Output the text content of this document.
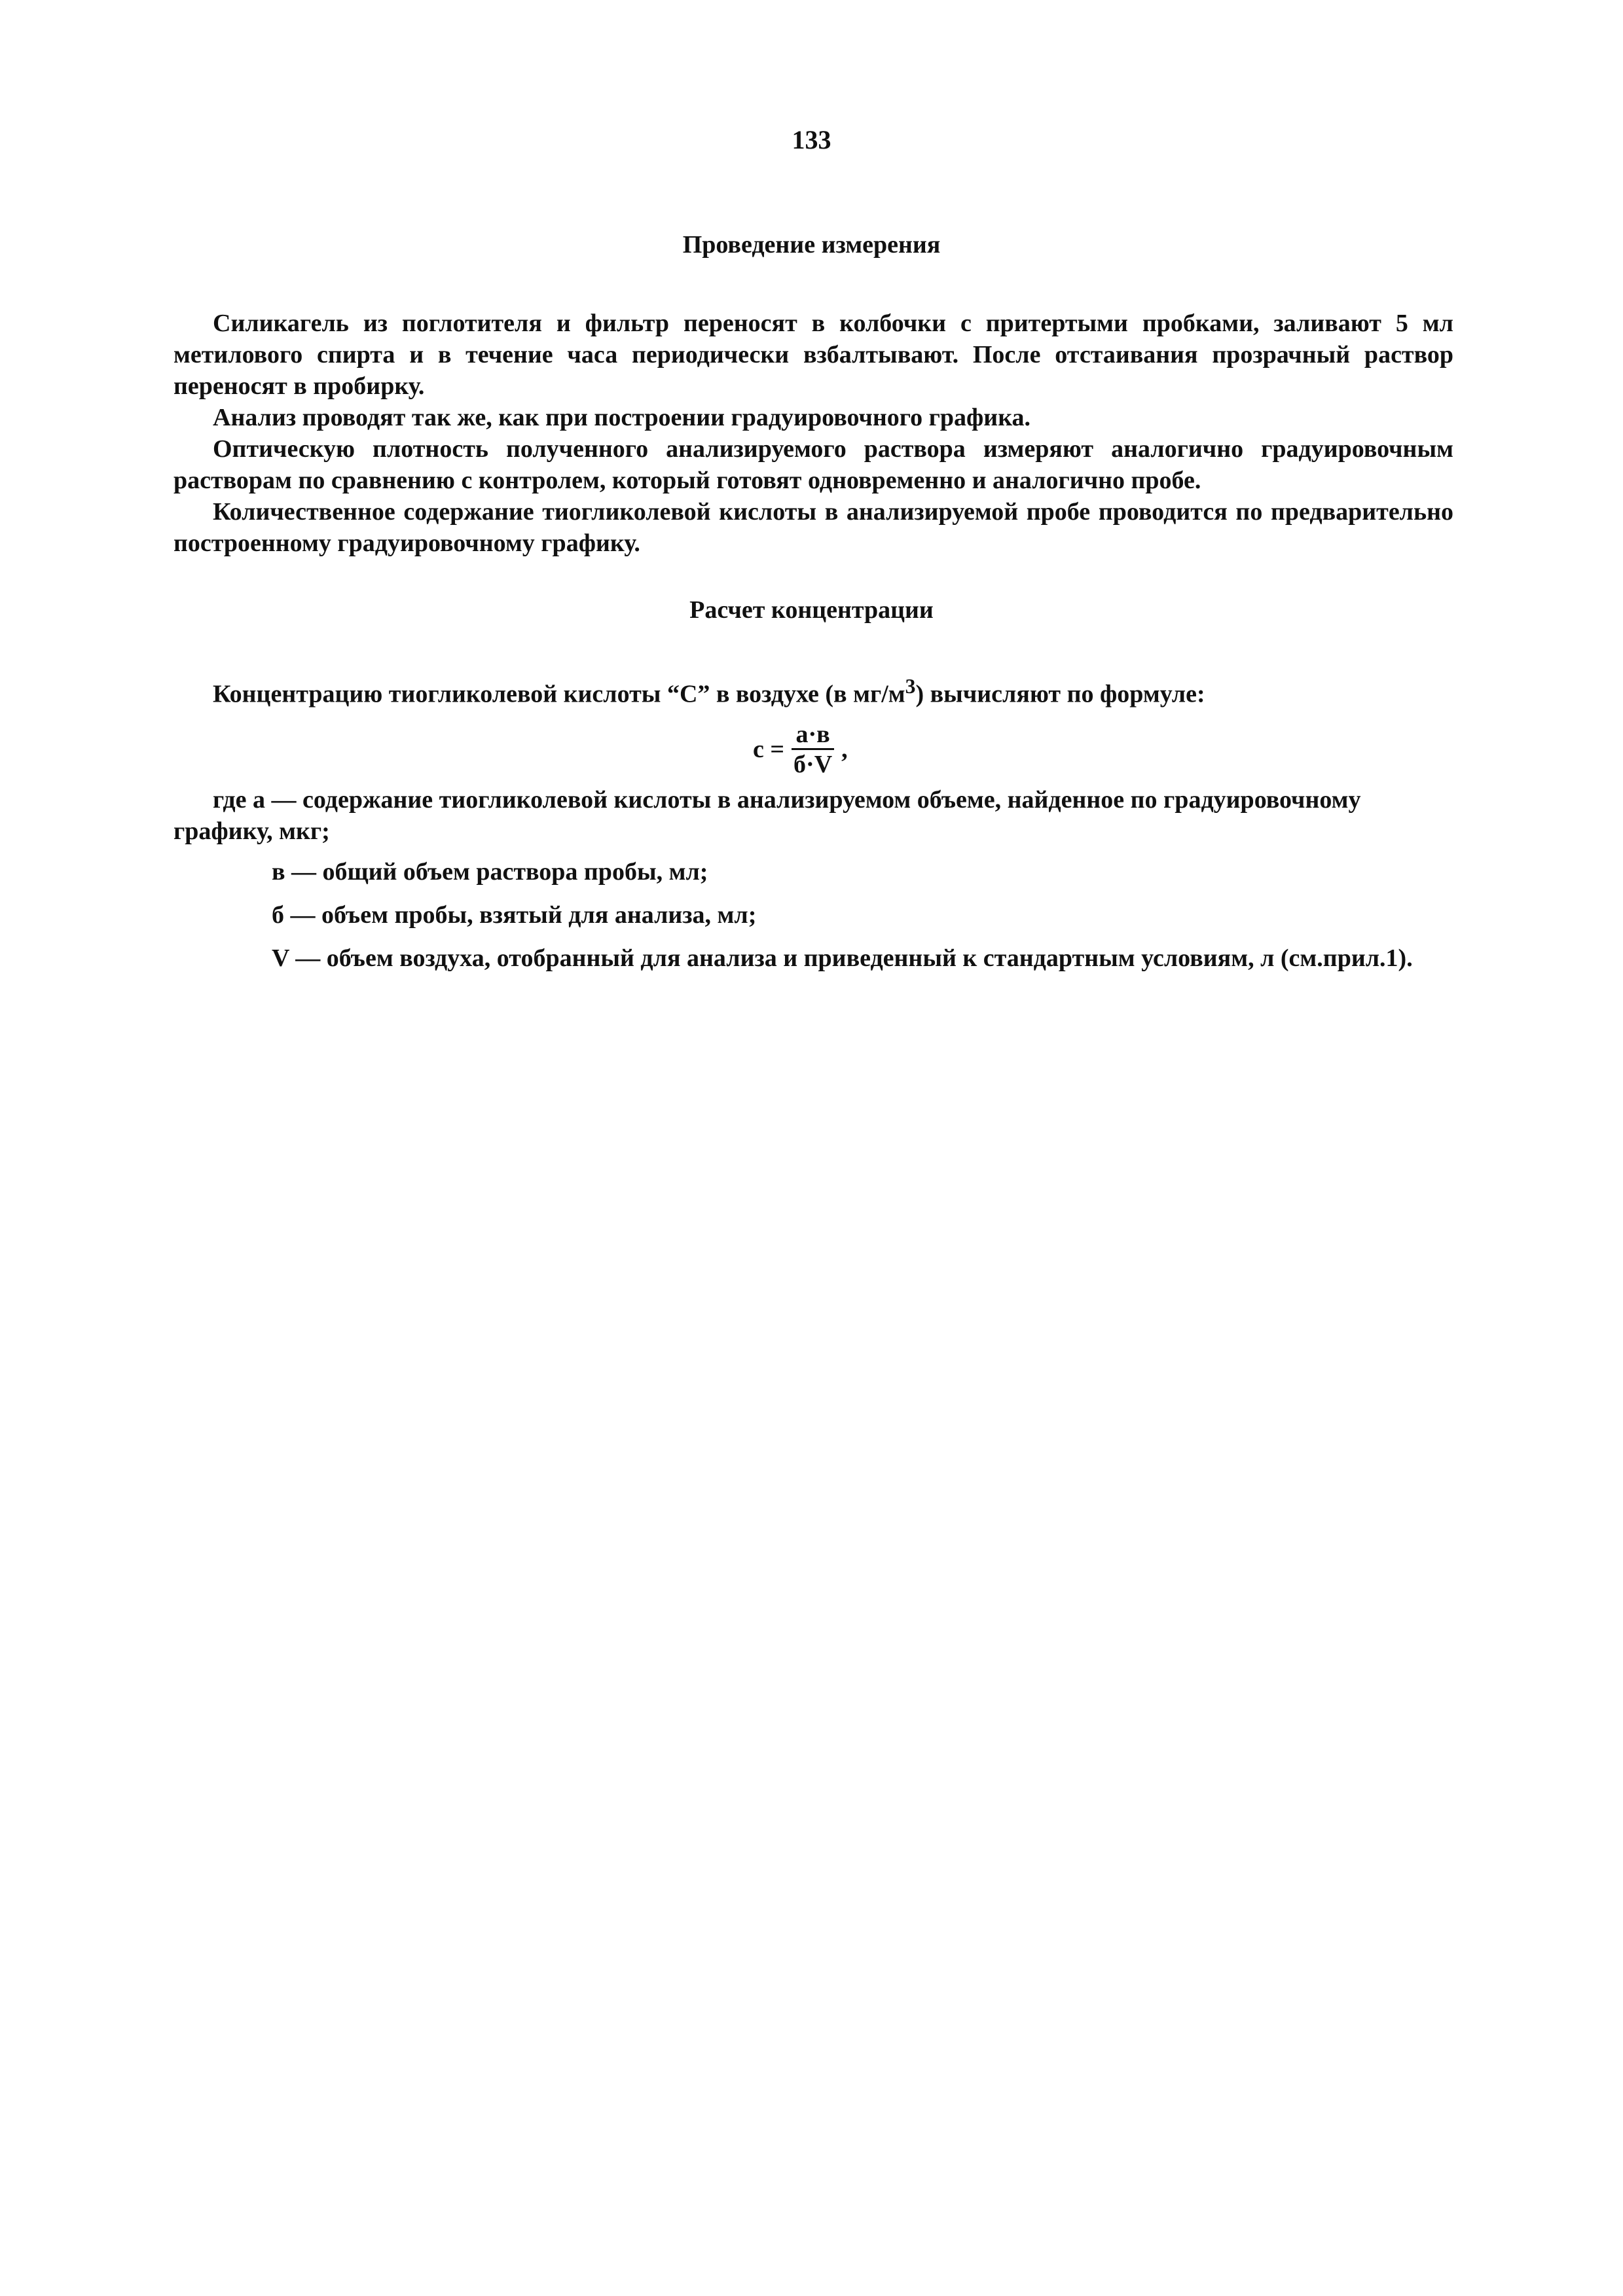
133
Проведение измерения

Силикагель из поглотителя и фильтр переносят в колбочки с притертыми пробками, заливают 5 мл метилового спирта и в течение часа периодически взбалтывают. После отстаивания прозрачный раствор переносят в пробирку.

Анализ проводят так же, как при построении градуировочного графика.

Оптическую плотность полученного анализируемого раствора измеряют аналогично градуировочным растворам по сравнению с контролем, который готовят одновременно и аналогично пробе.

Количественное содержание тиогликолевой кислоты в анализируемой пробе проводится по предварительно построенному градуировочному графику.

Расчет концентрации
Концентрацию тиогликолевой кислоты “С” в воздухе (в $мг/м^3$) вычисляют по формуле:
$с = \frac{а\cdot в}{б\cdot V}$ ,

где а — содержание тиогликолевой кислоты в анализируемом объеме, найденное по градуировочному графику, мкг;

в — общий объем раствора пробы, мл;

б — объем пробы, взятый для анализа, мл;

V — объем воздуха, отобранный для анализа и приведенный к стандартным условиям, л (см.прил.1).
